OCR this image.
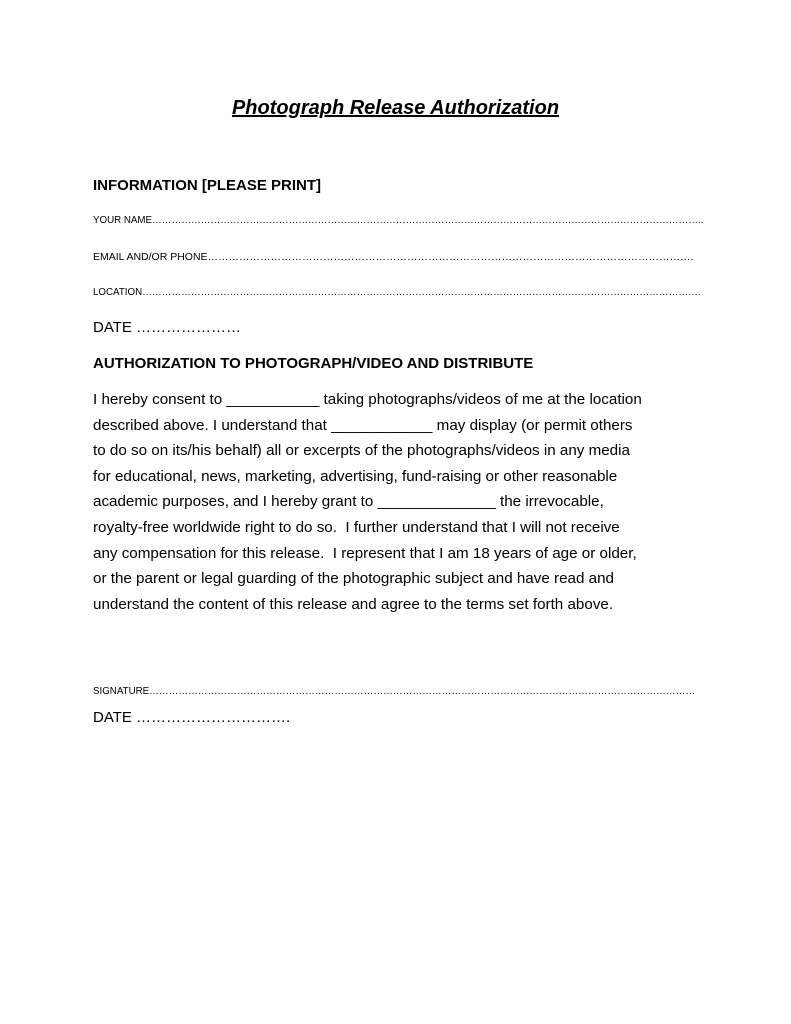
Photograph Release Authorization
INFORMATION [PLEASE PRINT]
YOUR NAME……………………………………………………………………………………………………………………………………………………..
EMAIL AND/OR PHONE………………………………………………………………………………………………………………………….
LOCATION……………………………………………………………………………………………………………………………………………………….
DATE …………………
AUTHORIZATION TO PHOTOGRAPH/VIDEO AND DISTRIBUTE
I hereby consent to ___________ taking photographs/videos of me at the location
described above. I understand that ____________ may display (or permit others
to do so on its/his behalf) all or excerpts of the photographs/videos in any media
for educational, news, marketing, advertising, fund-raising or other reasonable
academic purposes, and I hereby grant to ______________ the irrevocable,
royalty-free worldwide right to do so.  I further understand that I will not receive
any compensation for this release.  I represent that I am 18 years of age or older,
or the parent or legal guarding of the photographic subject and have read and
understand the content of this release and agree to the terms set forth above.
SIGNATURE……………………………………………………………………………………………………………………………………………………
DATE ………………………….
